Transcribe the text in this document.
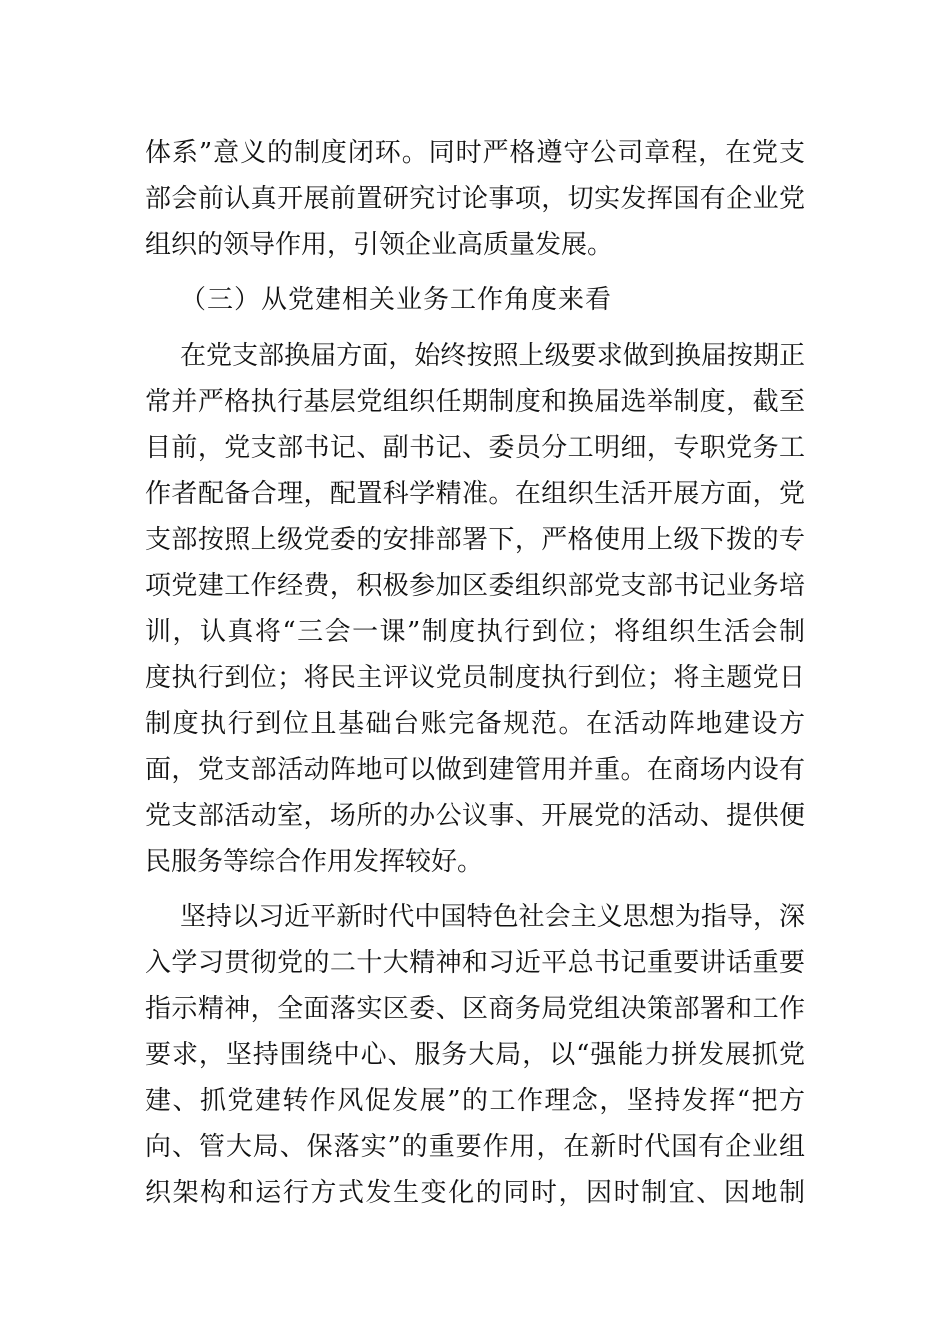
体系”意义的制度闭环。同时严格遵守公司章程，在党支
部会前认真开展前置研究讨论事项，切实发挥国有企业党
组织的领导作用，引领企业高质量发展。
（三）从党建相关业务工作角度来看
在党支部换届方面，始终按照上级要求做到换届按期正
常并严格执行基层党组织任期制度和换届选举制度，截至
目前，党支部书记、副书记、委员分工明细，专职党务工
作者配备合理，配置科学精准。在组织生活开展方面，党
支部按照上级党委的安排部署下，严格使用上级下拨的专
项党建工作经费，积极参加区委组织部党支部书记业务培
训，认真将“三会一课”制度执行到位；将组织生活会制
度执行到位；将民主评议党员制度执行到位；将主题党日
制度执行到位且基础台账完备规范。在活动阵地建设方
面，党支部活动阵地可以做到建管用并重。在商场内设有
党支部活动室，场所的办公议事、开展党的活动、提供便
民服务等综合作用发挥较好。
坚持以习近平新时代中国特色社会主义思想为指导，深
入学习贯彻党的二十大精神和习近平总书记重要讲话重要
指示精神，全面落实区委、区商务局党组决策部署和工作
要求，坚持围绕中心、服务大局，以“强能力拼发展抓党
建、抓党建转作风促发展”的工作理念，坚持发挥“把方
向、管大局、保落实”的重要作用，在新时代国有企业组
织架构和运行方式发生变化的同时，因时制宜、因地制
